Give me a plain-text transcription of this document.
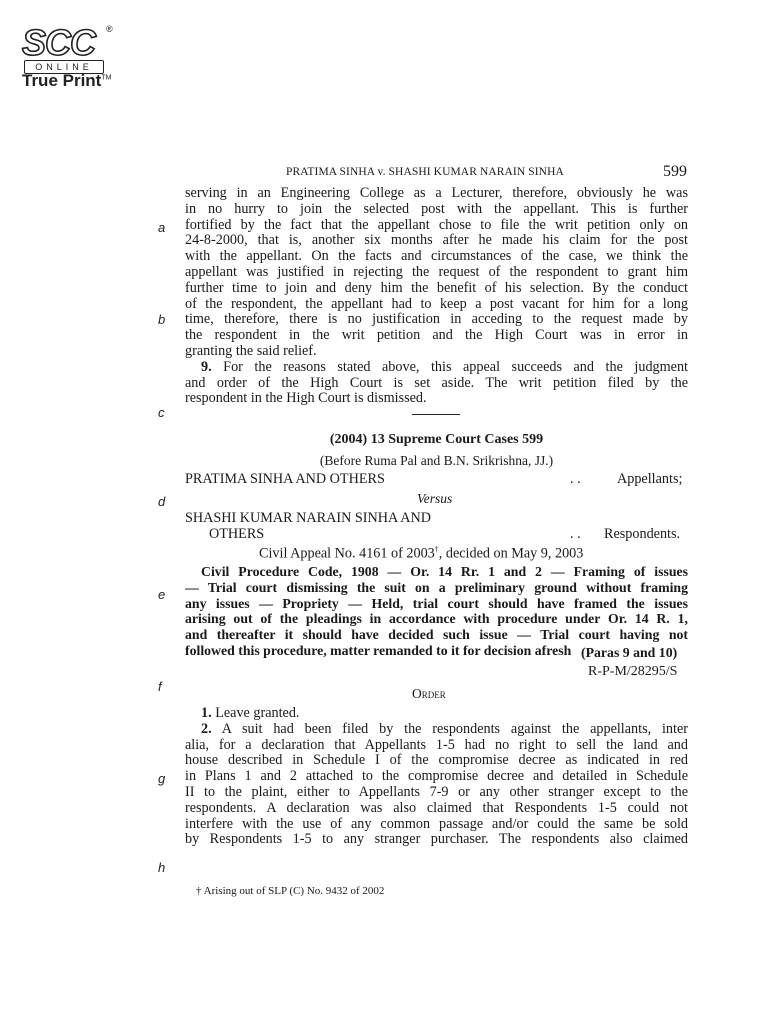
SCC ®
ONLINE
True Print™
PRATIMA SINHA v. SHASHI KUMAR NARAIN SINHA	599
a
b
c
d
e
f
g
h
serving in an Engineering College as a Lecturer, therefore, obviously he was
in no hurry to join the selected post with the appellant. This is further
fortified by the fact that the appellant chose to file the writ petition only on
24-8-2000, that is, another six months after he made his claim for the post
with the appellant. On the facts and circumstances of the case, we think the
appellant was justified in rejecting the request of the respondent to grant him
further time to join and deny him the benefit of his selection. By the conduct
of the respondent, the appellant had to keep a post vacant for him for a long
time, therefore, there is no justification in acceding to the request made by
the respondent in the writ petition and the High Court was in error in
granting the said relief.
9. For the reasons stated above, this appeal succeeds and the judgment
and order of the High Court is set aside. The writ petition filed by the
respondent in the High Court is dismissed.
(2004) 13 Supreme Court Cases 599
(Before Ruma Pal and B.N. Srikrishna, JJ.)
PRATIMA SINHA AND OTHERS	. .	Appellants;
Versus
SHASHI KUMAR NARAIN SINHA AND
OTHERS	. . Respondents.
Civil Appeal No. 4161 of 2003†, decided on May 9, 2003
Civil Procedure Code, 1908 — Or. 14 Rr. 1 and 2 — Framing of issues
— Trial court dismissing the suit on a preliminary ground without framing
any issues — Propriety — Held, trial court should have framed the issues
arising out of the pleadings in accordance with procedure under Or. 14 R. 1,
and thereafter it should have decided such issue — Trial court having not
followed this procedure, matter remanded to it for decision afresh (Paras 9 and 10)
R-P-M/28295/S
Order
1. Leave granted.
2. A suit had been filed by the respondents against the appellants, inter
alia, for a declaration that Appellants 1-5 had no right to sell the land and
house described in Schedule I of the compromise decree as indicated in red
in Plans 1 and 2 attached to the compromise decree and detailed in Schedule
II to the plaint, either to Appellants 7-9 or any other stranger except to the
respondents. A declaration was also claimed that Respondents 1-5 could not
interfere with the use of any common passage and/or could the same be sold
by Respondents 1-5 to any stranger purchaser. The respondents also claimed
† Arising out of SLP (C) No. 9432 of 2002
